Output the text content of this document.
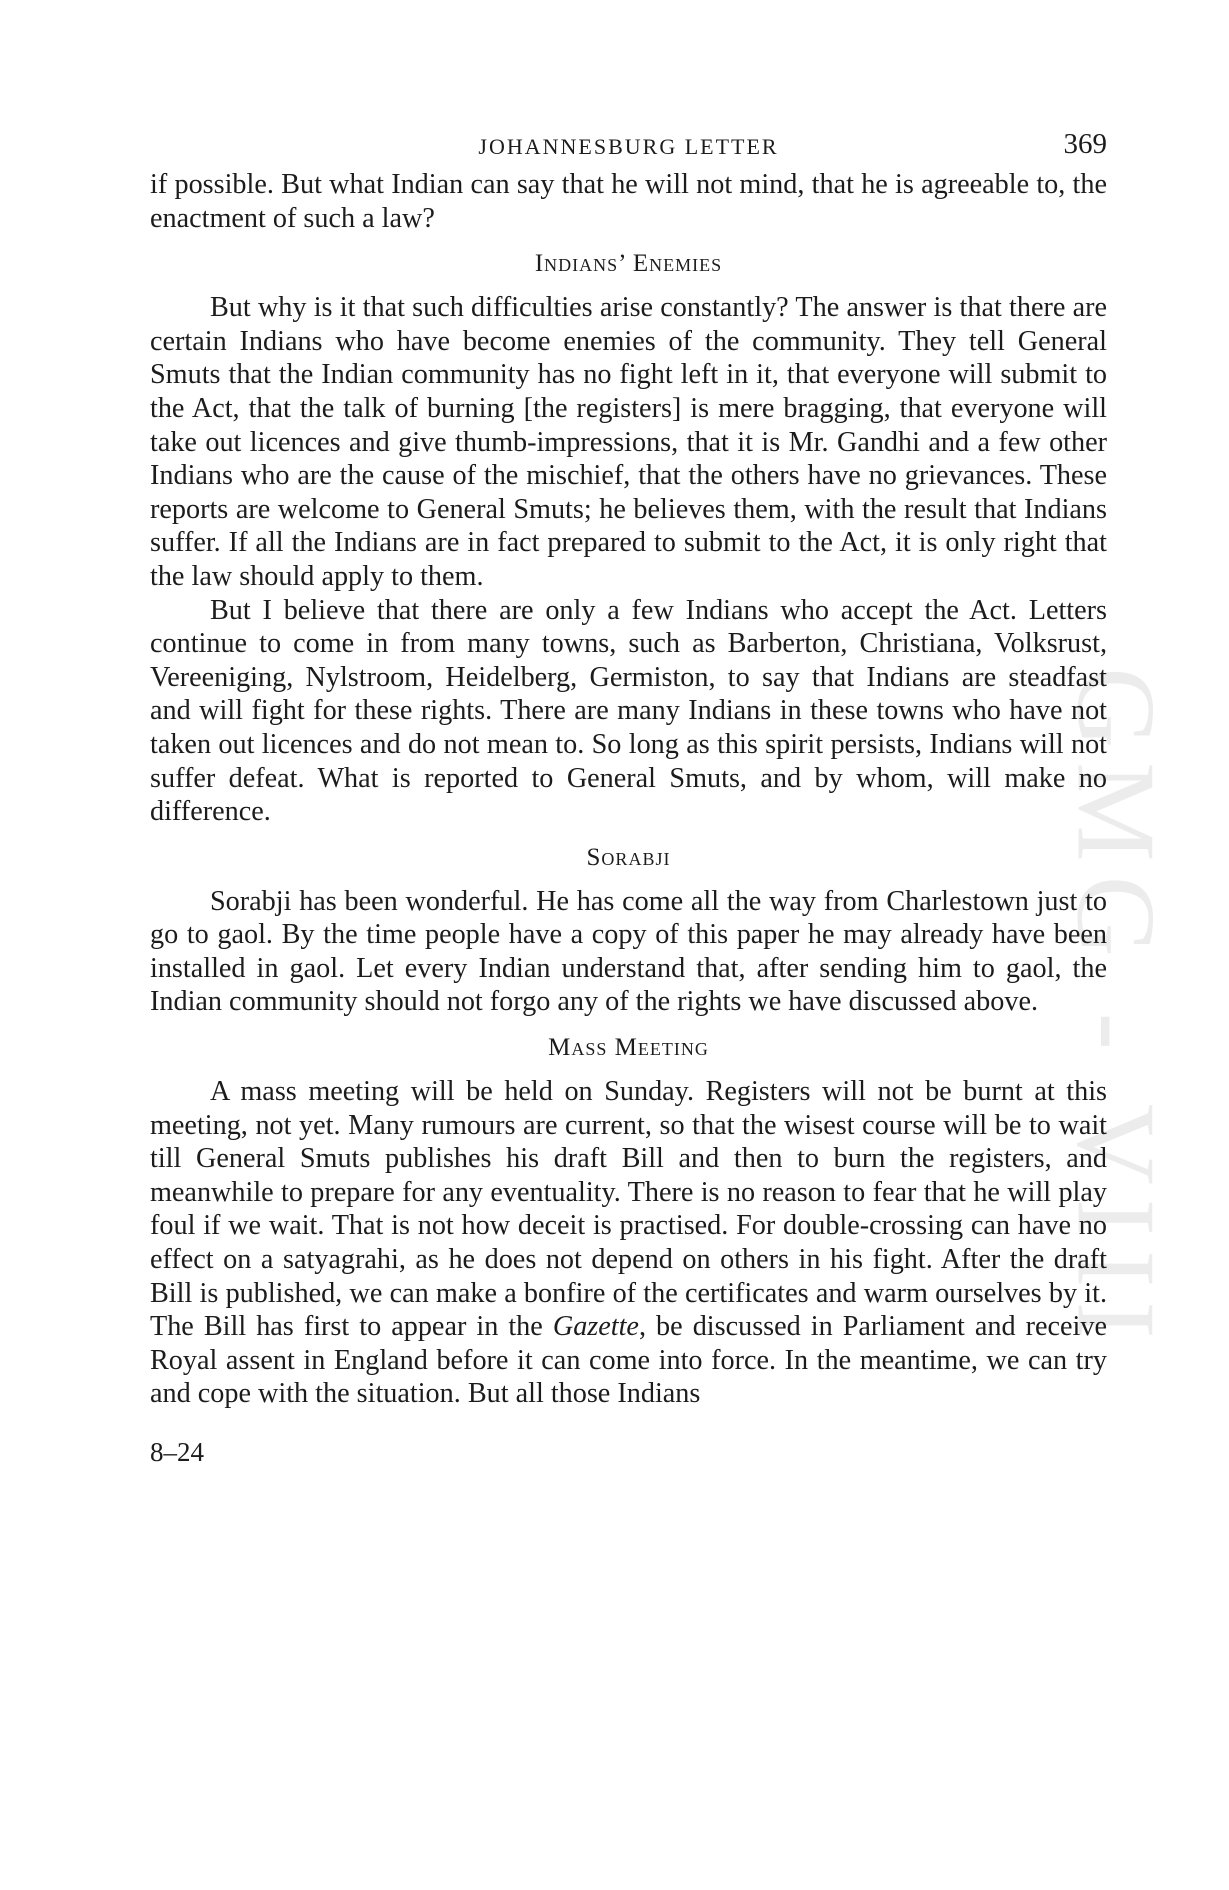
GMG - VIII
JOHANNESBURG LETTER	369

if possible. But what Indian can say that he will not mind, that he is agreeable to, the enactment of such a law?

Indians’ Enemies

But why is it that such difficulties arise constantly? The answer is that there are certain Indians who have become enemies of the community. They tell General Smuts that the Indian community has no fight left in it, that everyone will submit to the Act, that the talk of burning [the registers] is mere bragging, that everyone will take out licences and give thumb-impressions, that it is Mr. Gandhi and a few other Indians who are the cause of the mischief, that the others have no grievances. These reports are welcome to General Smuts; he believes them, with the result that Indians suffer. If all the Indians are in fact prepared to submit to the Act, it is only right that the law should apply to them.

But I believe that there are only a few Indians who accept the Act. Letters continue to come in from many towns, such as Barberton, Christiana, Volksrust, Vereeniging, Nylstroom, Heidelberg, Germiston, to say that Indians are steadfast and will fight for these rights. There are many Indians in these towns who have not taken out licences and do not mean to. So long as this spirit persists, Indians will not suffer defeat. What is reported to General Smuts, and by whom, will make no difference.

Sorabji

Sorabji has been wonderful. He has come all the way from Charlestown just to go to gaol. By the time people have a copy of this paper he may already have been installed in gaol. Let every Indian understand that, after sending him to gaol, the Indian community should not forgo any of the rights we have discussed above.

Mass Meeting

A mass meeting will be held on Sunday. Registers will not be burnt at this meeting, not yet. Many rumours are current, so that the wisest course will be to wait till General Smuts publishes his draft Bill and then to burn the registers, and meanwhile to prepare for any eventuality. There is no reason to fear that he will play foul if we wait. That is not how deceit is practised. For double-crossing can have no effect on a satyagrahi, as he does not depend on others in his fight. After the draft Bill is published, we can make a bonfire of the certificates and warm ourselves by it. The Bill has first to appear in the Gazette, be discussed in Parliament and receive Royal assent in England before it can come into force. In the meantime, we can try and cope with the situation. But all those Indians

8–24
